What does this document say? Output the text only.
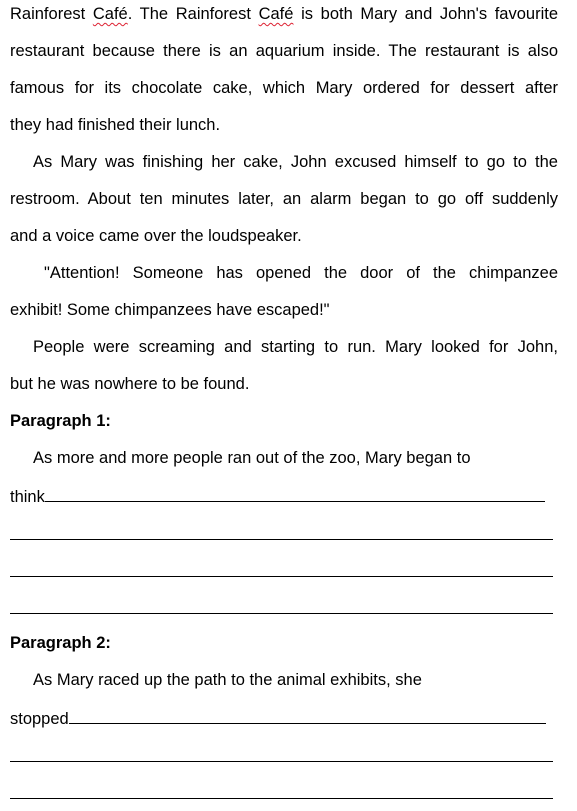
Rainforest Café. The Rainforest Café is both Mary and John's favourite
restaurant because there is an aquarium inside. The restaurant is also
famous for its chocolate cake, which Mary ordered for dessert after
they had finished their lunch.
As Mary was finishing her cake, John excused himself to go to the
restroom. About ten minutes later, an alarm began to go off suddenly
and a voice came over the loudspeaker.
"Attention! Someone has opened the door of the chimpanzee
exhibit! Some chimpanzees have escaped!"
People were screaming and starting to run. Mary looked for John,
but he was nowhere to be found.
Paragraph 1:
As more and more people ran out of the zoo, Mary began to
think
Paragraph 2:
As Mary raced up the path to the animal exhibits, she
stopped
